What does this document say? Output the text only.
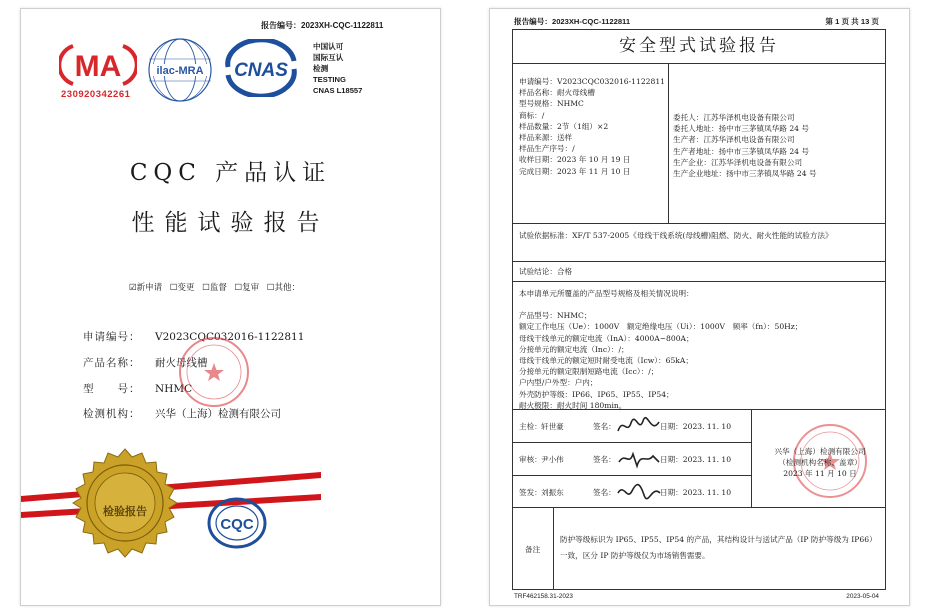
报告编号：2023XH-CQC-1122811
MA
230920342261
ilac-MRA CNAS
中国认可
国际互认
检测
TESTING
CNAS L18557
CQC 产品认证
性能试验报告
☑新申请 ☐变更 ☐监督 ☐复审 ☐其他：
申请编号： V2023CQC032016-1122811
产品名称： 耐火母线槽
型　　号： NHMC
检测机构： 兴华（上海）检测有限公司
检验报告
CQC
报告编号：2023XH-CQC-1122811	第 1 页 共 13 页
安全型式试验报告
申请编号：V2023CQC032016-1122811
样品名称：耐火母线槽
型号规格：NHMC
商标：/
样品数量：2节（1组）×2
样品来源：送样
样品生产序号：/
收样日期：2023 年 10 月 19 日
完成日期：2023 年 11 月 10 日
委托人：江苏华泽机电设备有限公司
委托人地址：扬中市三茅镇凤华路 24 号
生产者：江苏华泽机电设备有限公司
生产者地址：扬中市三茅镇凤华路 24 号
生产企业：江苏华泽机电设备有限公司
生产企业地址：扬中市三茅镇凤华路 24 号
试验依据标准：XF/T 537-2005《母线干线系统(母线槽)阻燃、防火、耐火性能的试验方法》
试验结论：合格
本申请单元所覆盖的产品型号规格及相关情况说明：
产品型号：NHMC；
额定工作电压（Ue）：1000V　额定绝缘电压（Ui）：1000V　频率（fn）：50Hz；
母线干线单元的额定电流（InA）：4000A~800A；
分接单元的额定电流（Inc）：/；
母线干线单元的额定短时耐受电流（Icw）：65kA；
分接单元的额定限制短路电流（Icc）：/；
户内型/户外型：户内；
外壳防护等级：IP66、IP65、IP55、IP54；
耐火极限：耐火时间 180min。
主检： 轩世豪	签名：	日期：2023. 11. 10
审核： 尹小伟	签名：	日期：2023. 11. 10
签发： 刘振东	签名：	日期：2023. 11. 10
兴华（上海）检测有限公司
（检测机构名称、盖章）
2023 年 11 月 10 日
备注
防护等级标识为 IP65、IP55、IP54 的产品，其结构设计与送试产品（IP 防护等级为 IP66）一致，区分 IP 防护等级仅为市场销售需要。
TRF462158.31-2023	2023-05-04
